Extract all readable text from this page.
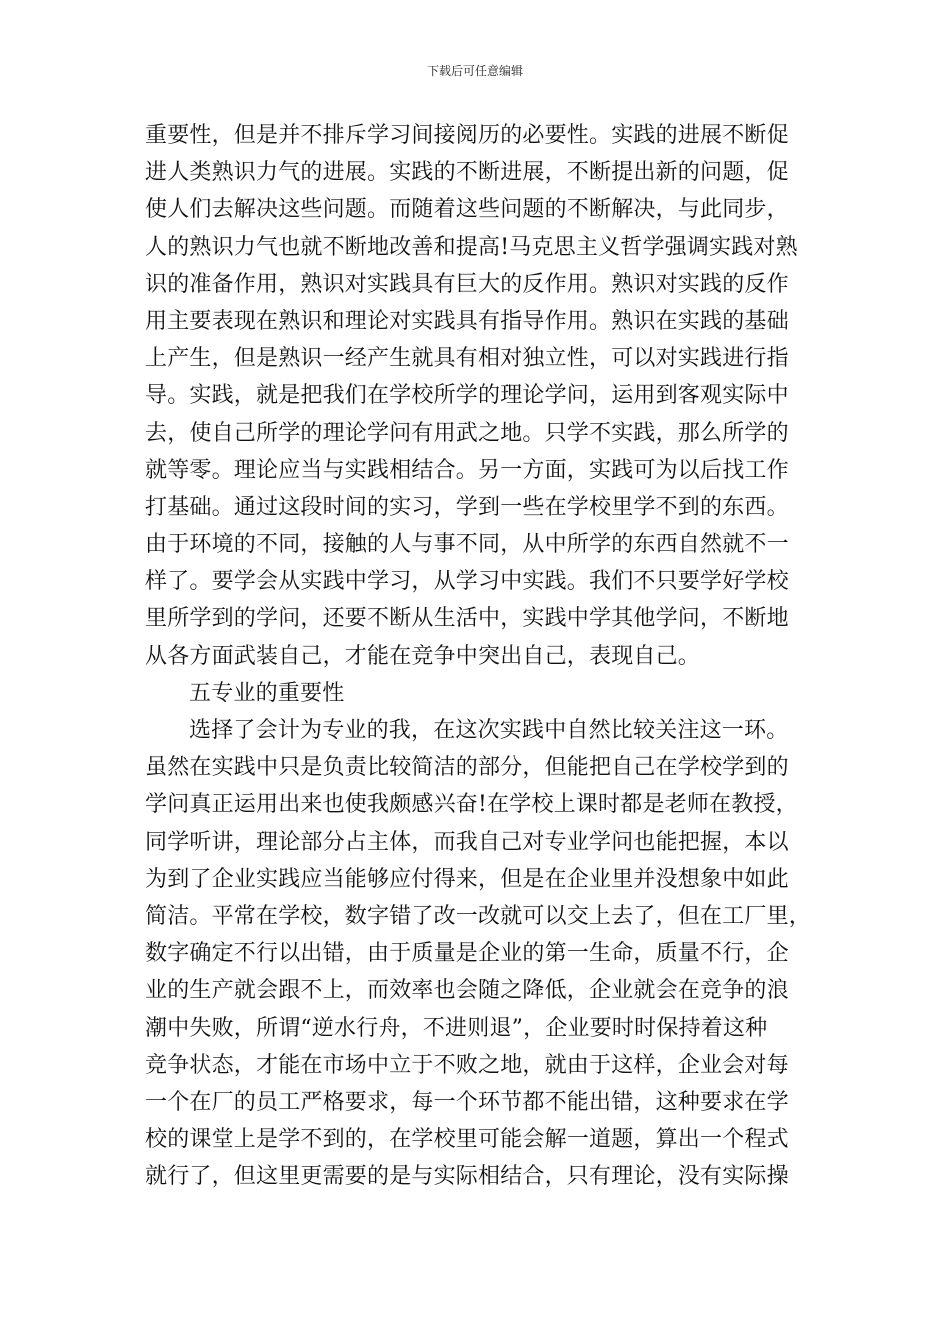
下载后可任意编辑
重要性，但是并不排斥学习间接阅历的必要性。实践的进展不断促
进人类熟识力气的进展。实践的不断进展，不断提出新的问题，促
使人们去解决这些问题。而随着这些问题的不断解决，与此同步，
人的熟识力气也就不断地改善和提高!马克思主义哲学强调实践对熟
识的准备作用，熟识对实践具有巨大的反作用。熟识对实践的反作
用主要表现在熟识和理论对实践具有指导作用。熟识在实践的基础
上产生，但是熟识一经产生就具有相对独立性，可以对实践进行指
导。实践，就是把我们在学校所学的理论学问，运用到客观实际中
去，使自己所学的理论学问有用武之地。只学不实践，那么所学的
就等零。理论应当与实践相结合。另一方面，实践可为以后找工作
打基础。通过这段时间的实习，学到一些在学校里学不到的东西。
由于环境的不同，接触的人与事不同，从中所学的东西自然就不一
样了。要学会从实践中学习，从学习中实践。我们不只要学好学校
里所学到的学问，还要不断从生活中，实践中学其他学问，不断地
从各方面武装自己，才能在竞争中突出自己，表现自己。
五专业的重要性
选择了会计为专业的我，在这次实践中自然比较关注这一环。
虽然在实践中只是负责比较简洁的部分，但能把自己在学校学到的
学问真正运用出来也使我颇感兴奋!在学校上课时都是老师在教授，
同学听讲，理论部分占主体，而我自己对专业学问也能把握，本以
为到了企业实践应当能够应付得来，但是在企业里并没想象中如此
简洁。平常在学校，数字错了改一改就可以交上去了，但在工厂里，
数字确定不行以出错，由于质量是企业的第一生命，质量不行，企
业的生产就会跟不上，而效率也会随之降低，企业就会在竞争的浪
潮中失败，所谓“逆水行舟，不进则退”，企业要时时保持着这种
竞争状态，才能在市场中立于不败之地，就由于这样，企业会对每
一个在厂的员工严格要求，每一个环节都不能出错，这种要求在学
校的课堂上是学不到的，在学校里可能会解一道题，算出一个程式
就行了，但这里更需要的是与实际相结合，只有理论，没有实际操
